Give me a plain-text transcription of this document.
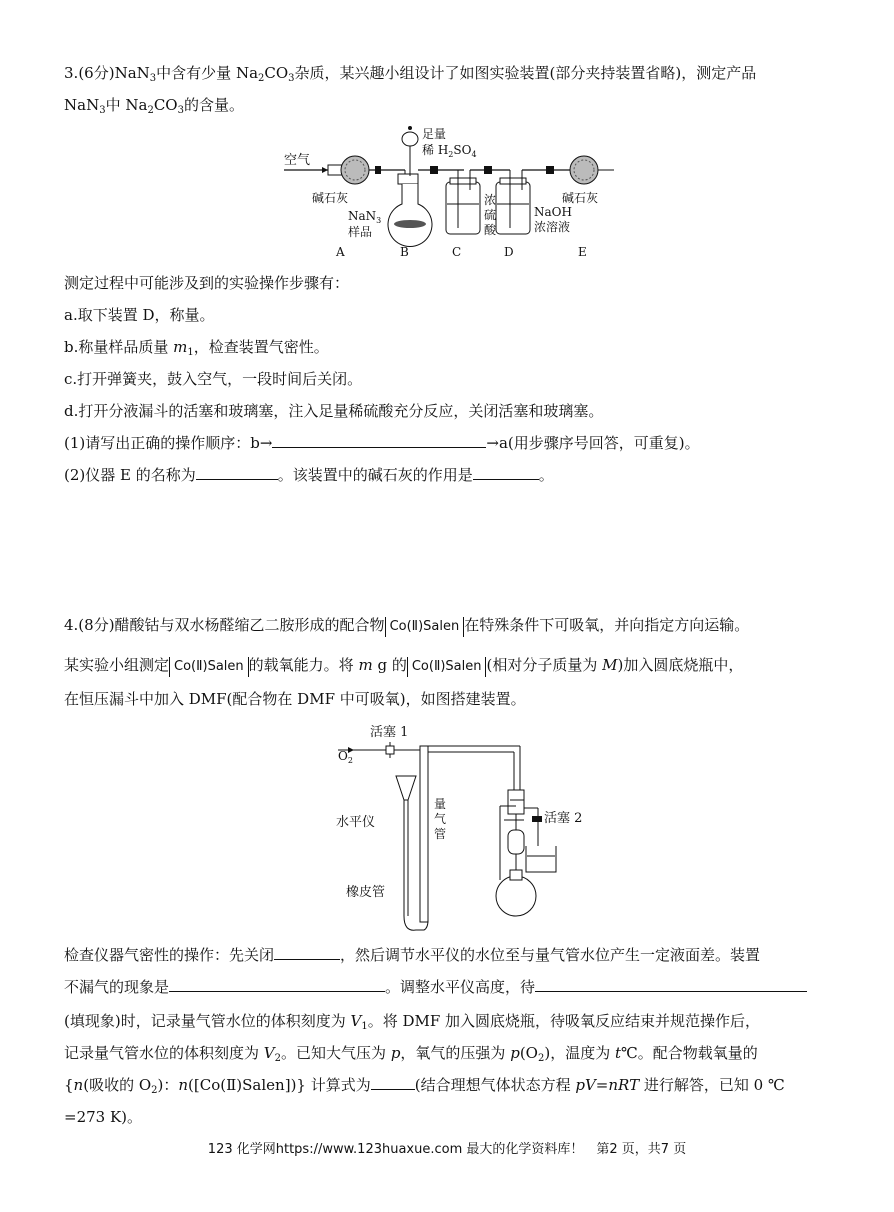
3.(6分)NaN$_3$中含有少量 $Na_2CO_3$杂质，某兴趣小组设计了如图实验装置(部分夹持装置省略)，测定产品
NaN$_3$中 $Na_2CO_3$的含量。
空气
碱石灰
足量
稀 $H_2SO_4$
NaN$_3$
样品
浓
硫
酸
NaOH
浓溶液
碱石灰
A	B	C	D	E
测定过程中可能涉及到的实验操作步骤有：
a.取下装置 D，称量。
b.称量样品质量 $m_1$，检查装置气密性。
c.打开弹簧夹，鼓入空气，一段时间后关闭。
d.打开分液漏斗的活塞和玻璃塞，注入足量稀硫酸充分反应，关闭活塞和玻璃塞。
(1)请写出正确的操作顺序：b→	→a(用步骤序号回答，可重复)。
(2)仪器 E 的名称为	。该装置中的碱石灰的作用是	。
4.(8分)醋酸钴与双水杨醛缩乙二胺形成的配合物 Co(Ⅱ)Salen 在特殊条件下可吸氧，并向指定方向运输。
某实验小组测定 Co(Ⅱ)Salen 的载氧能力。将 m g 的 Co(Ⅱ)Salen (相对分子质量为 M)加入圆底烧瓶中，
在恒压漏斗中加入 DMF(配合物在 DMF 中可吸氧)，如图搭建装置。
活塞 1
$O_2$
量
气
管
水平仪
橡皮管
活塞 2
检查仪器气密性的操作：先关闭	，然后调节水平仪的水位至与量气管水位产生一定液面差。装置
不漏气的现象是	。调整水平仪高度，待
(填现象)时，记录量气管水位的体积刻度为 $V_1$。将 DMF 加入圆底烧瓶，待吸氧反应结束并规范操作后，
记录量气管水位的体积刻度为 $V_2$。已知大气压为 p，氧气的压强为 $p(O_2)$，温度为 t℃。配合物载氧量的
{n(吸收的 $O_2$)：n([Co(Ⅱ)Salen])} 计算式为	(结合理想气体状态方程 pV=nRT 进行解答，已知 0 ℃
=273 K)。
123 化学网https://www.123huaxue.com 最大的化学资料库！　第2 页，共7 页
